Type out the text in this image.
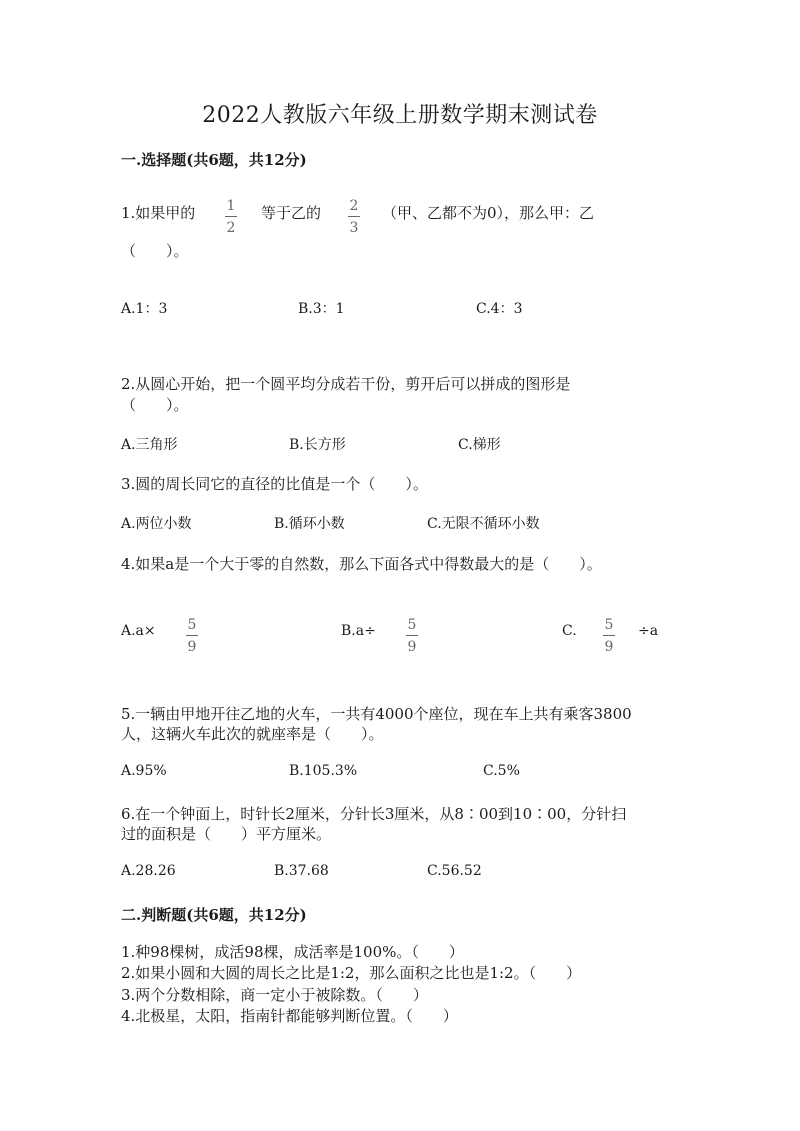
2022人教版六年级上册数学期末测试卷
一.选择题(共6题，共12分)
1.如果甲的 1
2
等于乙的 2
3
（甲、乙都不为0），那么甲：乙
（　　）。
A.1：3	B.3：1	C.4：3
2.从圆心开始，把一个圆平均分成若干份，剪开后可以拼成的图形是
（　　）。
A.三角形	B.长方形	C.梯形
3.圆的周长同它的直径的比值是一个（　　）。
A.两位小数	B.循环小数	C.无限不循环小数
4.如果a是一个大于零的自然数，那么下面各式中得数最大的是（　　）。
A.a× 5
9
B.a÷ 5
9
C. 5
9
÷a
5.一辆由甲地开往乙地的火车，一共有4000个座位，现在车上共有乘客3800
人，这辆火车此次的就座率是（　　）。
A.95%	B.105.3%	C.5%
6.在一个钟面上，时针长2厘米，分针长3厘米，从8∶00到10∶00，分针扫
过的面积是（　　）平方厘米。
A.28.26	B.37.68	C.56.52
二.判断题(共6题，共12分)
1.种98棵树，成活98棵，成活率是100%。（　　）
2.如果小圆和大圆的周长之比是1:2，那么面积之比也是1:2。（　　）
3.两个分数相除，商一定小于被除数。（　　）
4.北极星，太阳，指南针都能够判断位置。（　　）
